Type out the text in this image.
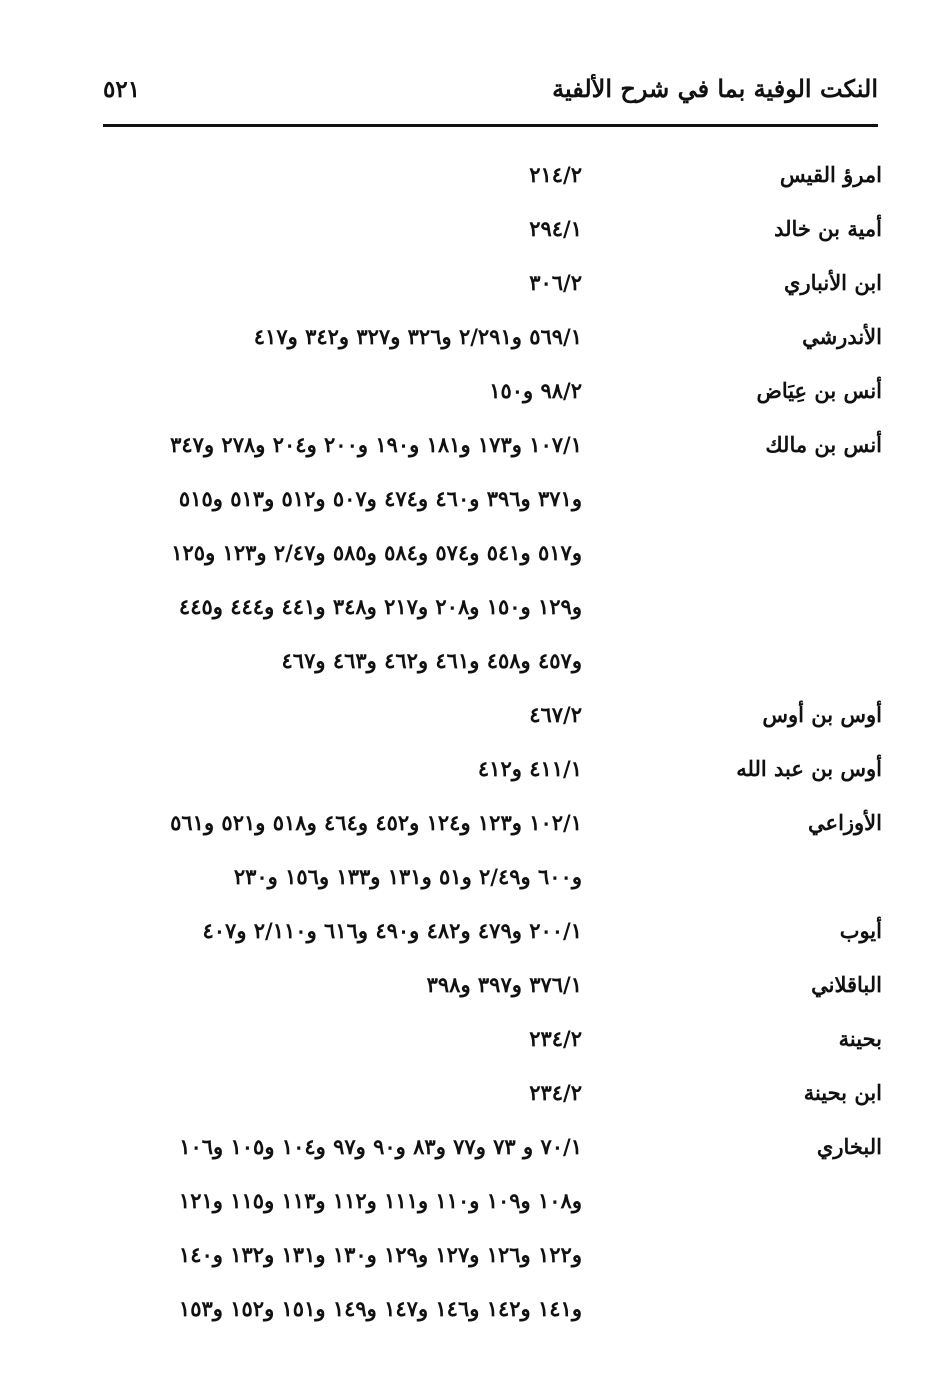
النكت الوفية بما في شرح الألفية
٥٢١
امرؤ القيس
٢١٤/٢
أمية بن خالد
٢٩٤/١
ابن الأنباري
٣٠٦/٢
الأندرشي
٥٦٩/١ و٢/٢٩١ و٣٢٦ و٣٢٧ و٣٤٢ و٤١٧
أنس بن عِيَاض
٩٨/٢ و١٥٠
أنس بن مالك
١٠٧/١ و١٧٣ و١٨١ و١٩٠ و٢٠٠ و٢٠٤ و٢٧٨ و٣٤٧
و٣٧١ و٣٩٦ و٤٦٠ و٤٧٤ و٥٠٧ و٥١٢ و٥١٣ و٥١٥
و٥١٧ و٥٤١ و٥٧٤ و٥٨٤ و٥٨٥ و٢/٤٧ و١٢٣ و١٢٥
و١٢٩ و١٥٠ و٢٠٨ و٢١٧ و٣٤٨ و٤٤١ و٤٤٤ و٤٤٥
و٤٥٧ و٤٥٨ و٤٦١ و٤٦٢ و٤٦٣ و٤٦٧
أوس بن أوس
٤٦٧/٢
أوس بن عبد الله
٤١١/١ و٤١٢
الأوزاعي
١٠٢/١ و١٢٣ و١٢٤ و٤٥٢ و٤٦٤ و٥١٨ و٥٢١ و٥٦١
و٦٠٠ و٢/٤٩ و٥١ و١٣١ و١٣٣ و١٥٦ و٢٣٠
أيوب
٢٠٠/١ و٤٧٩ و٤٨٢ و٤٩٠ و٦١٦ و٢/١١٠ و٤٠٧
الباقلاني
٣٧٦/١ و٣٩٧ و٣٩٨
بحينة
٢٣٤/٢
ابن بحينة
٢٣٤/٢
البخاري
٧٠/١ و ٧٣ و٧٧ و٨٣ و٩٠ و٩٧ و١٠٤ و١٠٥ و١٠٦
و١٠٨ و١٠٩ و١١٠ و١١١ و١١٢ و١١٣ و١١٥ و١٢١
و١٢٢ و١٢٦ و١٢٧ و١٢٩ و١٣٠ و١٣١ و١٣٢ و١٤٠
و١٤١ و١٤٢ و١٤٦ و١٤٧ و١٤٩ و١٥١ و١٥٢ و١٥٣
